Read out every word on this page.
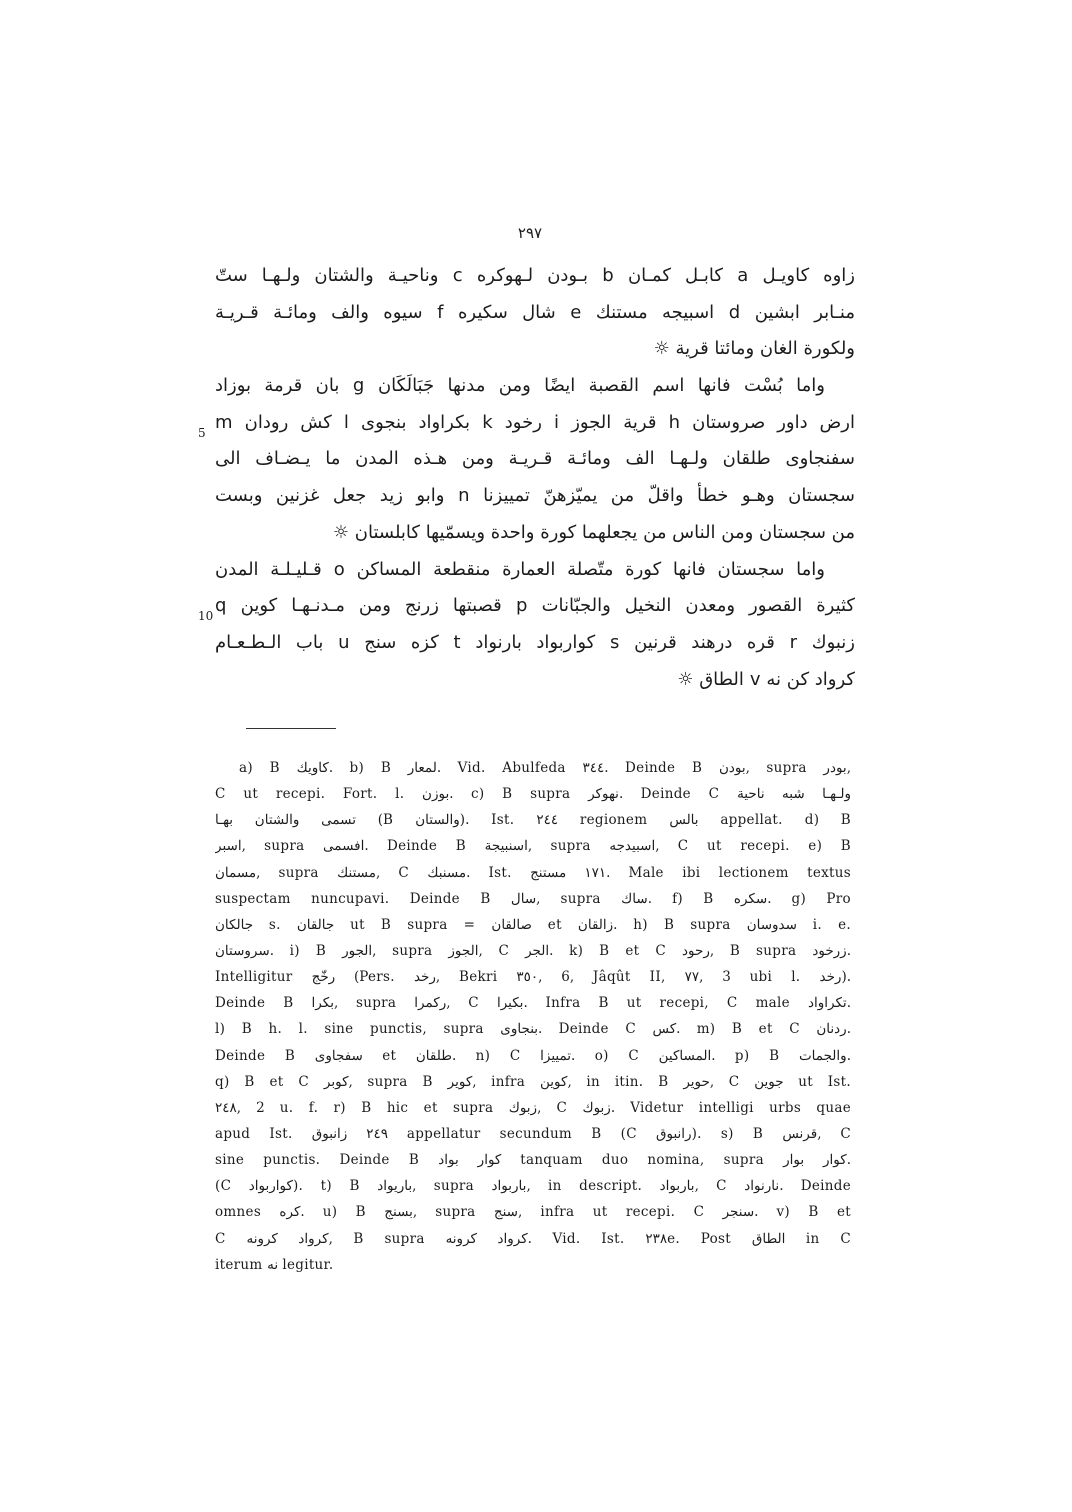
٢٩٧
5
10
زاوه كاويـل a كابـل كمـان b بـودن لـهوكره c وناحيـة والشتان ولـهـا ستّ
منـابر ابشين d اسبيجه مستنك e شال سكيره f سيوه والف ومائـة قـريـة
ولكورة الغان ومائتا قرية ☼
واما بُسْت فانها اسم القصبة ايضًا ومن مدنها جَبَالَكَان g بان قرمة بوزاد
ارض داور صروستان h قرية الجوز i رخود k بكراواد بنجوى l كش رودان m
سفنجاوى طلقان ولـهـا الف ومائـة قـريـة ومن هـذه المدن ما يـضـاف الى
سجستان وهـو خطأ واقلّ من يميّزهنّ تمييزنا n وابو زيد جعل غزنين وبست
من سجستان ومن الناس من يجعلهما كورة واحدة ويسمّيها كابلستان ☼
واما سجستان فانها كورة متّصلة العمارة منقطعة المساكن o قـليـلـة المدن
كثيرة القصور ومعدن النخيل والجبّانات p قصبتها زرنج ومن مـدنـهـا كوين q
زنبوك r قره درهند قرنين s كواربواد بارنواد t كزه سنج u باب الـطـعـام
كرواد كن نه v الطاق ☼
a) B كاويك. b) B لمعار. Vid. Abulfeda ٣٤٤. Deinde B بودن, supra بودر,
C ut recepi. Fort. l. بوزن. c) B supra نهوكر. Deinde C ولـهـا شبه ناحية
تسمى والشتان بهـا (B والستان). Ist. ٢٤٤ regionem بالس appellat. d) B
اسبر, supra افسمى. Deinde B اسنبيجة, supra اسبيدجه, C ut recepi. e) B
مسمان, supra مستنك, C مسنبك. Ist. ١٧١ مستنج. Male ibi lectionem textus
suspectam nuncupavi. Deinde B سال, supra ساك. f) B سكره. g) Pro
جالكان s. جالقان ut B supra = صالقان et زالقان. h) B supra سدوسان i. e.
سروستان. i) B الجور, supra الجوز, C الجر. k) B et C رحود, B supra زرخود.
Intelligitur رخّج (Pers. رخد, Bekri ٣٥٠, 6, Jâqût II, ٧٧, 3 ubi l. رخد).
Deinde B بكرا, supra ركمرا, C بكيرا. Infra B ut recepi, C male تكراواد.
l) B h. l. sine punctis, supra بنجاوى. Deinde C كس. m) B et C ردنان.
Deinde B سفجاوى et طلقان. n) C تمييزا. o) C المساكين. p) B والجمات.
q) B et C كوبر, supra B كوير, infra كوين, in itin. B حوير, C جوين ut Ist.
٢٤٨, 2 u. f. r) B hic et supra زبوك, C زبوك. Videtur intelligi urbs quae
apud Ist. ٢٤٩ زانبوق appellatur secundum B (C رانبوق). s) B قرنس, C
sine punctis. Deinde B كوار بواد tanquam duo nomina, supra كوار بوار.
(C كواربواد). t) B باريواد, supra باربواد, in descript. باربواد, C نارنواد. Deinde
omnes كره. u) B بسنج, supra سنج, infra ut recepi. C سنجر. v) B et
C كرواد كرونه, B supra كرواد كرونه. Vid. Ist. ٢٣٨e. Post الطاق in C
iterum نه legitur.
